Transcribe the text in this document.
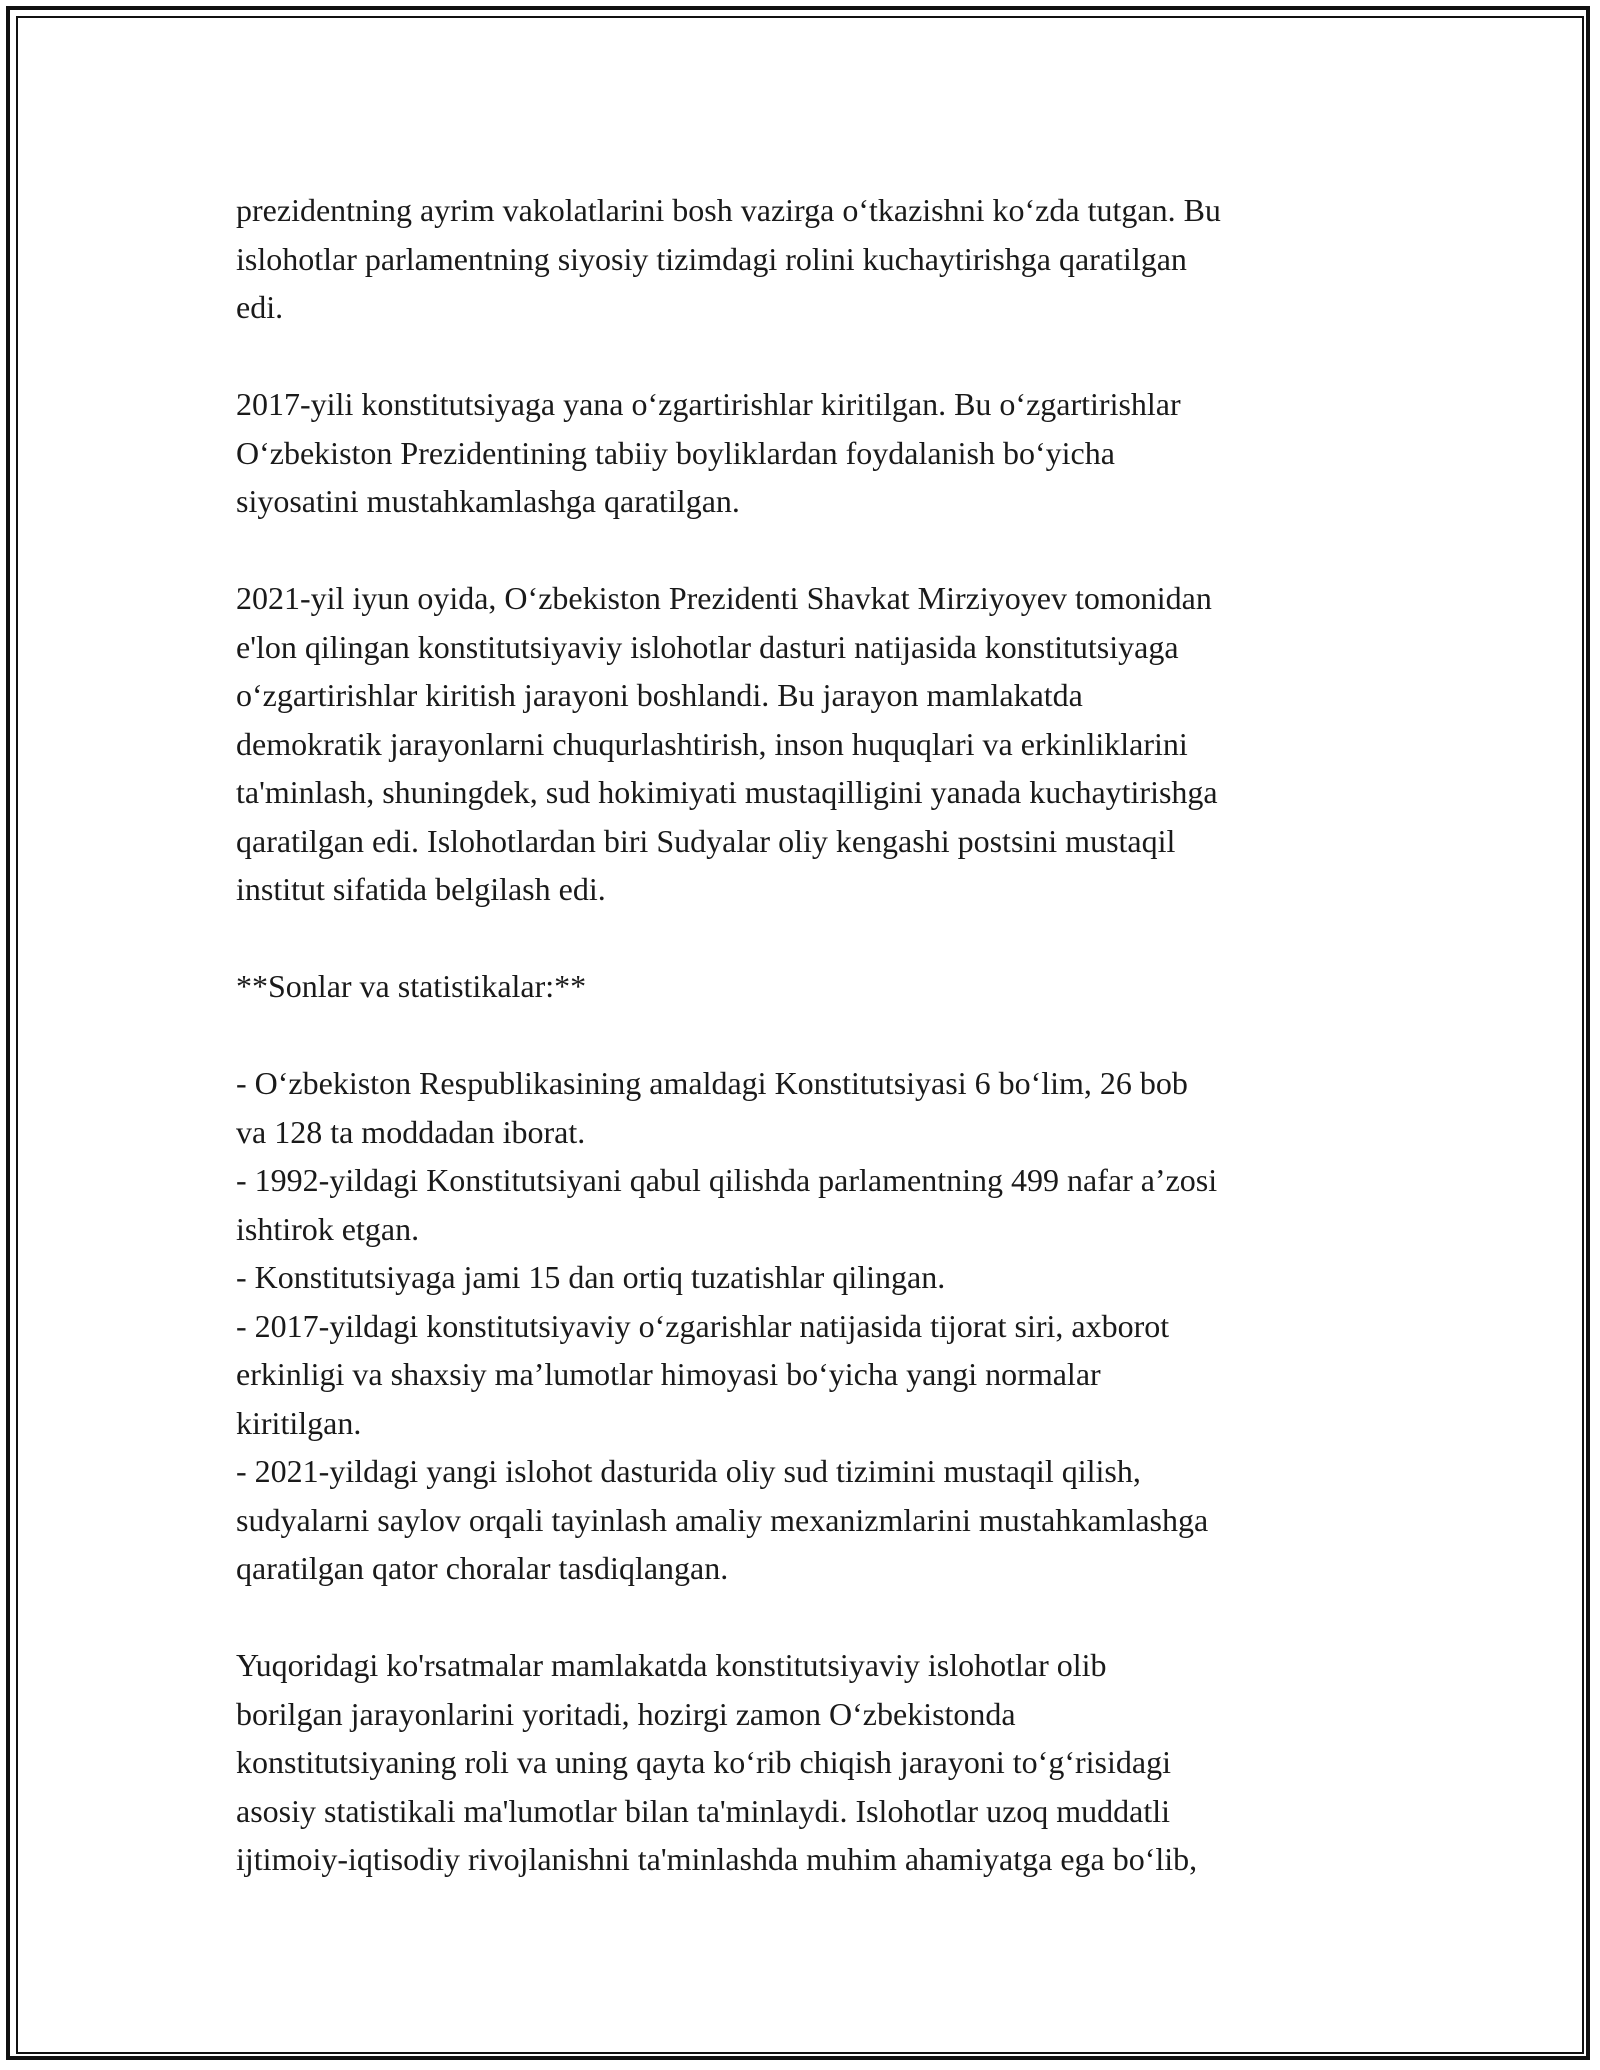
prezidentning ayrim vakolatlarini bosh vazirga o‘tkazishni ko‘zda tutgan. Bu
islohotlar parlamentning siyosiy tizimdagi rolini kuchaytirishga qaratilgan
edi.
2017-yili konstitutsiyaga yana o‘zgartirishlar kiritilgan. Bu o‘zgartirishlar
O‘zbekiston Prezidentining tabiiy boyliklardan foydalanish bo‘yicha
siyosatini mustahkamlashga qaratilgan.
2021-yil iyun oyida, O‘zbekiston Prezidenti Shavkat Mirziyoyev tomonidan
e'lon qilingan konstitutsiyaviy islohotlar dasturi natijasida konstitutsiyaga
o‘zgartirishlar kiritish jarayoni boshlandi. Bu jarayon mamlakatda
demokratik jarayonlarni chuqurlashtirish, inson huquqlari va erkinliklarini
ta'minlash, shuningdek, sud hokimiyati mustaqilligini yanada kuchaytirishga
qaratilgan edi. Islohotlardan biri Sudyalar oliy kengashi postsini mustaqil
institut sifatida belgilash edi.
**Sonlar va statistikalar:**
- O‘zbekiston Respublikasining amaldagi Konstitutsiyasi 6 bo‘lim, 26 bob
va 128 ta moddadan iborat.
- 1992-yildagi Konstitutsiyani qabul qilishda parlamentning 499 nafar a’zosi
ishtirok etgan.
- Konstitutsiyaga jami 15 dan ortiq tuzatishlar qilingan.
- 2017-yildagi konstitutsiyaviy o‘zgarishlar natijasida tijorat siri, axborot
erkinligi va shaxsiy ma’lumotlar himoyasi bo‘yicha yangi normalar
kiritilgan.
- 2021-yildagi yangi islohot dasturida oliy sud tizimini mustaqil qilish,
sudyalarni saylov orqali tayinlash amaliy mexanizmlarini mustahkamlashga
qaratilgan qator choralar tasdiqlangan.
Yuqoridagi ko'rsatmalar mamlakatda konstitutsiyaviy islohotlar olib
borilgan jarayonlarini yoritadi, hozirgi zamon O‘zbekistonda
konstitutsiyaning roli va uning qayta ko‘rib chiqish jarayoni to‘g‘risidagi
asosiy statistikali ma'lumotlar bilan ta'minlaydi. Islohotlar uzoq muddatli
ijtimoiy-iqtisodiy rivojlanishni ta'minlashda muhim ahamiyatga ega bo‘lib,
